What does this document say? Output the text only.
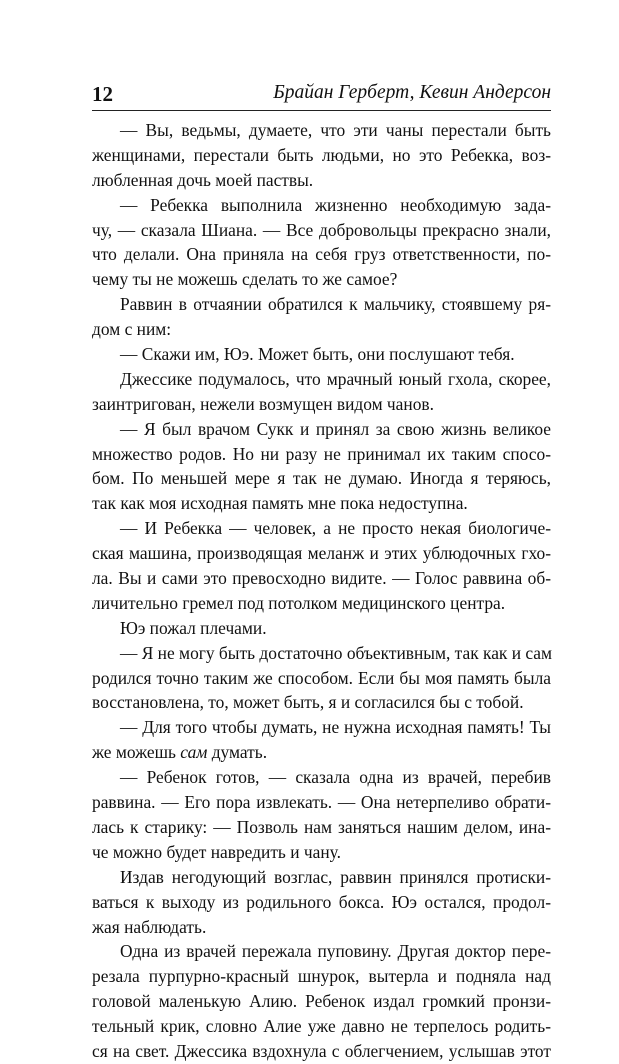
12	Брайан Герберт, Кевин Андерсон
— Вы, ведьмы, думаете, что эти чаны перестали быть
женщинами, перестали быть людьми, но это Ребекка, воз-
любленная дочь моей паствы.
— Ребекка выполнила жизненно необходимую зада-
чу, — сказала Шиана. — Все добровольцы прекрасно знали,
что делали. Она приняла на себя груз ответственности, по-
чему ты не можешь сделать то же самое?
Раввин в отчаянии обратился к мальчику, стоявшему ря-
дом с ним:
— Скажи им, Юэ. Может быть, они послушают тебя.
Джессике подумалось, что мрачный юный гхола, скорее,
заинтригован, нежели возмущен видом чанов.
— Я был врачом Сукк и принял за свою жизнь великое
множество родов. Но ни разу не принимал их таким спосо-
бом. По меньшей мере я так не думаю. Иногда я теряюсь,
так как моя исходная память мне пока недоступна.
— И Ребекка — человек, а не просто некая биологиче-
ская машина, производящая меланж и этих ублюдочных гхо-
ла. Вы и сами это превосходно видите. — Голос раввина об-
личительно гремел под потолком медицинского центра.
Юэ пожал плечами.
— Я не могу быть достаточно объективным, так как и сам
родился точно таким же способом. Если бы моя память была
восстановлена, то, может быть, я и согласился бы с тобой.
— Для того чтобы думать, не нужна исходная память! Ты
же можешь сам думать.
— Ребенок готов, — сказала одна из врачей, перебив
раввина. — Его пора извлекать. — Она нетерпеливо обрати-
лась к старику: — Позволь нам заняться нашим делом, ина-
че можно будет навредить и чану.
Издав негодующий возглас, раввин принялся протиски-
ваться к выходу из родильного бокса. Юэ остался, продол-
жая наблюдать.
Одна из врачей пережала пуповину. Другая доктор пере-
резала пурпурно-красный шнурок, вытерла и подняла над
головой маленькую Алию. Ребенок издал громкий пронзи-
тельный крик, словно Алие уже давно не терпелось родить-
ся на свет. Джессика вздохнула с облегчением, услышав этот
